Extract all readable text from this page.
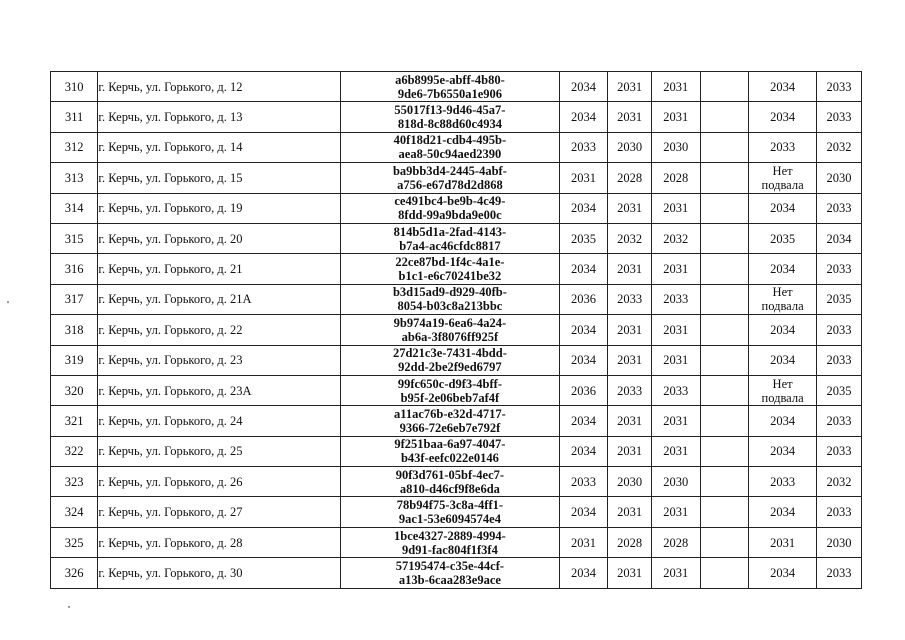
310	г. Керчь, ул. Горького, д. 12	a6b8995e-abff-4b80-
9de6-7b6550a1e906	2034	2031	2031		2034	2033
311	г. Керчь, ул. Горького, д. 13	55017f13-9d46-45a7-
818d-8c88d60c4934	2034	2031	2031		2034	2033
312	г. Керчь, ул. Горького, д. 14	40f18d21-cdb4-495b-
aea8-50c94aed2390	2033	2030	2030		2033	2032
313	г. Керчь, ул. Горького, д. 15	ba9bb3d4-2445-4abf-
a756-e67d78d2d868	2031	2028	2028		Нет
подвала	2030
314	г. Керчь, ул. Горького, д. 19	ce491bc4-be9b-4c49-
8fdd-99a9bda9e00c	2034	2031	2031		2034	2033
315	г. Керчь, ул. Горького, д. 20	814b5d1a-2fad-4143-
b7a4-ac46cfdc8817	2035	2032	2032		2035	2034
316	г. Керчь, ул. Горького, д. 21	22ce87bd-1f4c-4a1e-
b1c1-e6c70241be32	2034	2031	2031		2034	2033
317	г. Керчь, ул. Горького, д. 21А	b3d15ad9-d929-40fb-
8054-b03c8a213bbc	2036	2033	2033		Нет
подвала	2035
318	г. Керчь, ул. Горького, д. 22	9b974a19-6ea6-4a24-
ab6a-3f8076ff925f	2034	2031	2031		2034	2033
319	г. Керчь, ул. Горького, д. 23	27d21c3e-7431-4bdd-
92dd-2be2f9ed6797	2034	2031	2031		2034	2033
320	г. Керчь, ул. Горького, д. 23А	99fc650c-d9f3-4bff-
b95f-2e06beb7af4f	2036	2033	2033		Нет
подвала	2035
321	г. Керчь, ул. Горького, д. 24	a11ac76b-e32d-4717-
9366-72e6eb7e792f	2034	2031	2031		2034	2033
322	г. Керчь, ул. Горького, д. 25	9f251baa-6a97-4047-
b43f-eefc022e0146	2034	2031	2031		2034	2033
323	г. Керчь, ул. Горького, д. 26	90f3d761-05bf-4ec7-
a810-d46cf9f8e6da	2033	2030	2030		2033	2032
324	г. Керчь, ул. Горького, д. 27	78b94f75-3c8a-4ff1-
9ac1-53e6094574e4	2034	2031	2031		2034	2033
325	г. Керчь, ул. Горького, д. 28	1bce4327-2889-4994-
9d91-fac804f1f3f4	2031	2028	2028		2031	2030
326	г. Керчь, ул. Горького, д. 30	57195474-c35e-44cf-
a13b-6caa283e9ace	2034	2031	2031		2034	2033
